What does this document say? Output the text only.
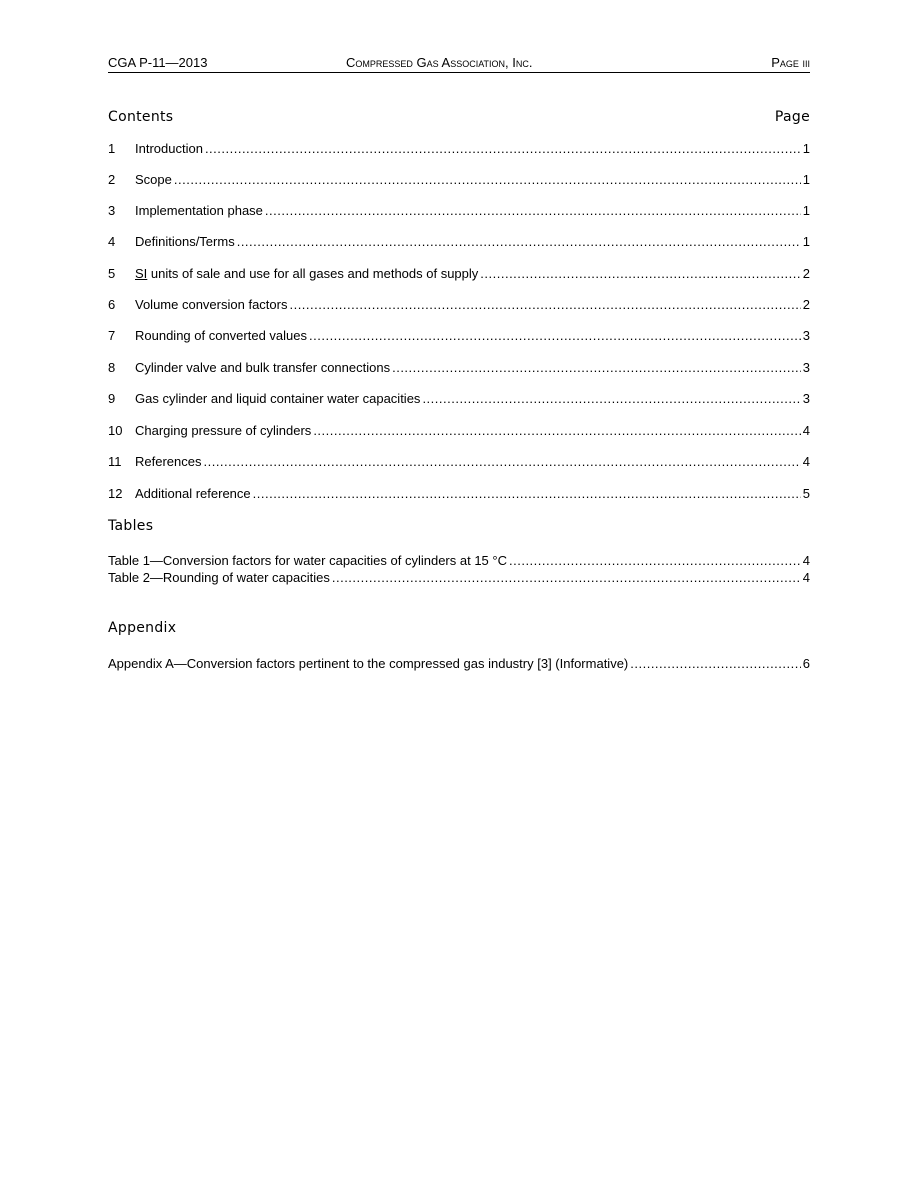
CGA P-11—2013	Compressed Gas Association, Inc.	Page iii
Contents	Page
1	Introduction .....	1
2	Scope .....	1
3	Implementation phase .....	1
4	Definitions/Terms .....	1
5	SI units of sale and use for all gases and methods of supply .....	2
6	Volume conversion factors .....	2
7	Rounding of converted values .....	3
8	Cylinder valve and bulk transfer connections .....	3
9	Gas cylinder and liquid container water capacities .....	3
10 Charging pressure of cylinders .....	4
11	References .....	4
12 Additional reference .....	5
Tables
Table 1—Conversion factors for water capacities of cylinders at 15 °C .....	4
Table 2—Rounding of water capacities .....	4
Appendix
Appendix A—Conversion factors pertinent to the compressed gas industry [3] (Informative) .....	6
